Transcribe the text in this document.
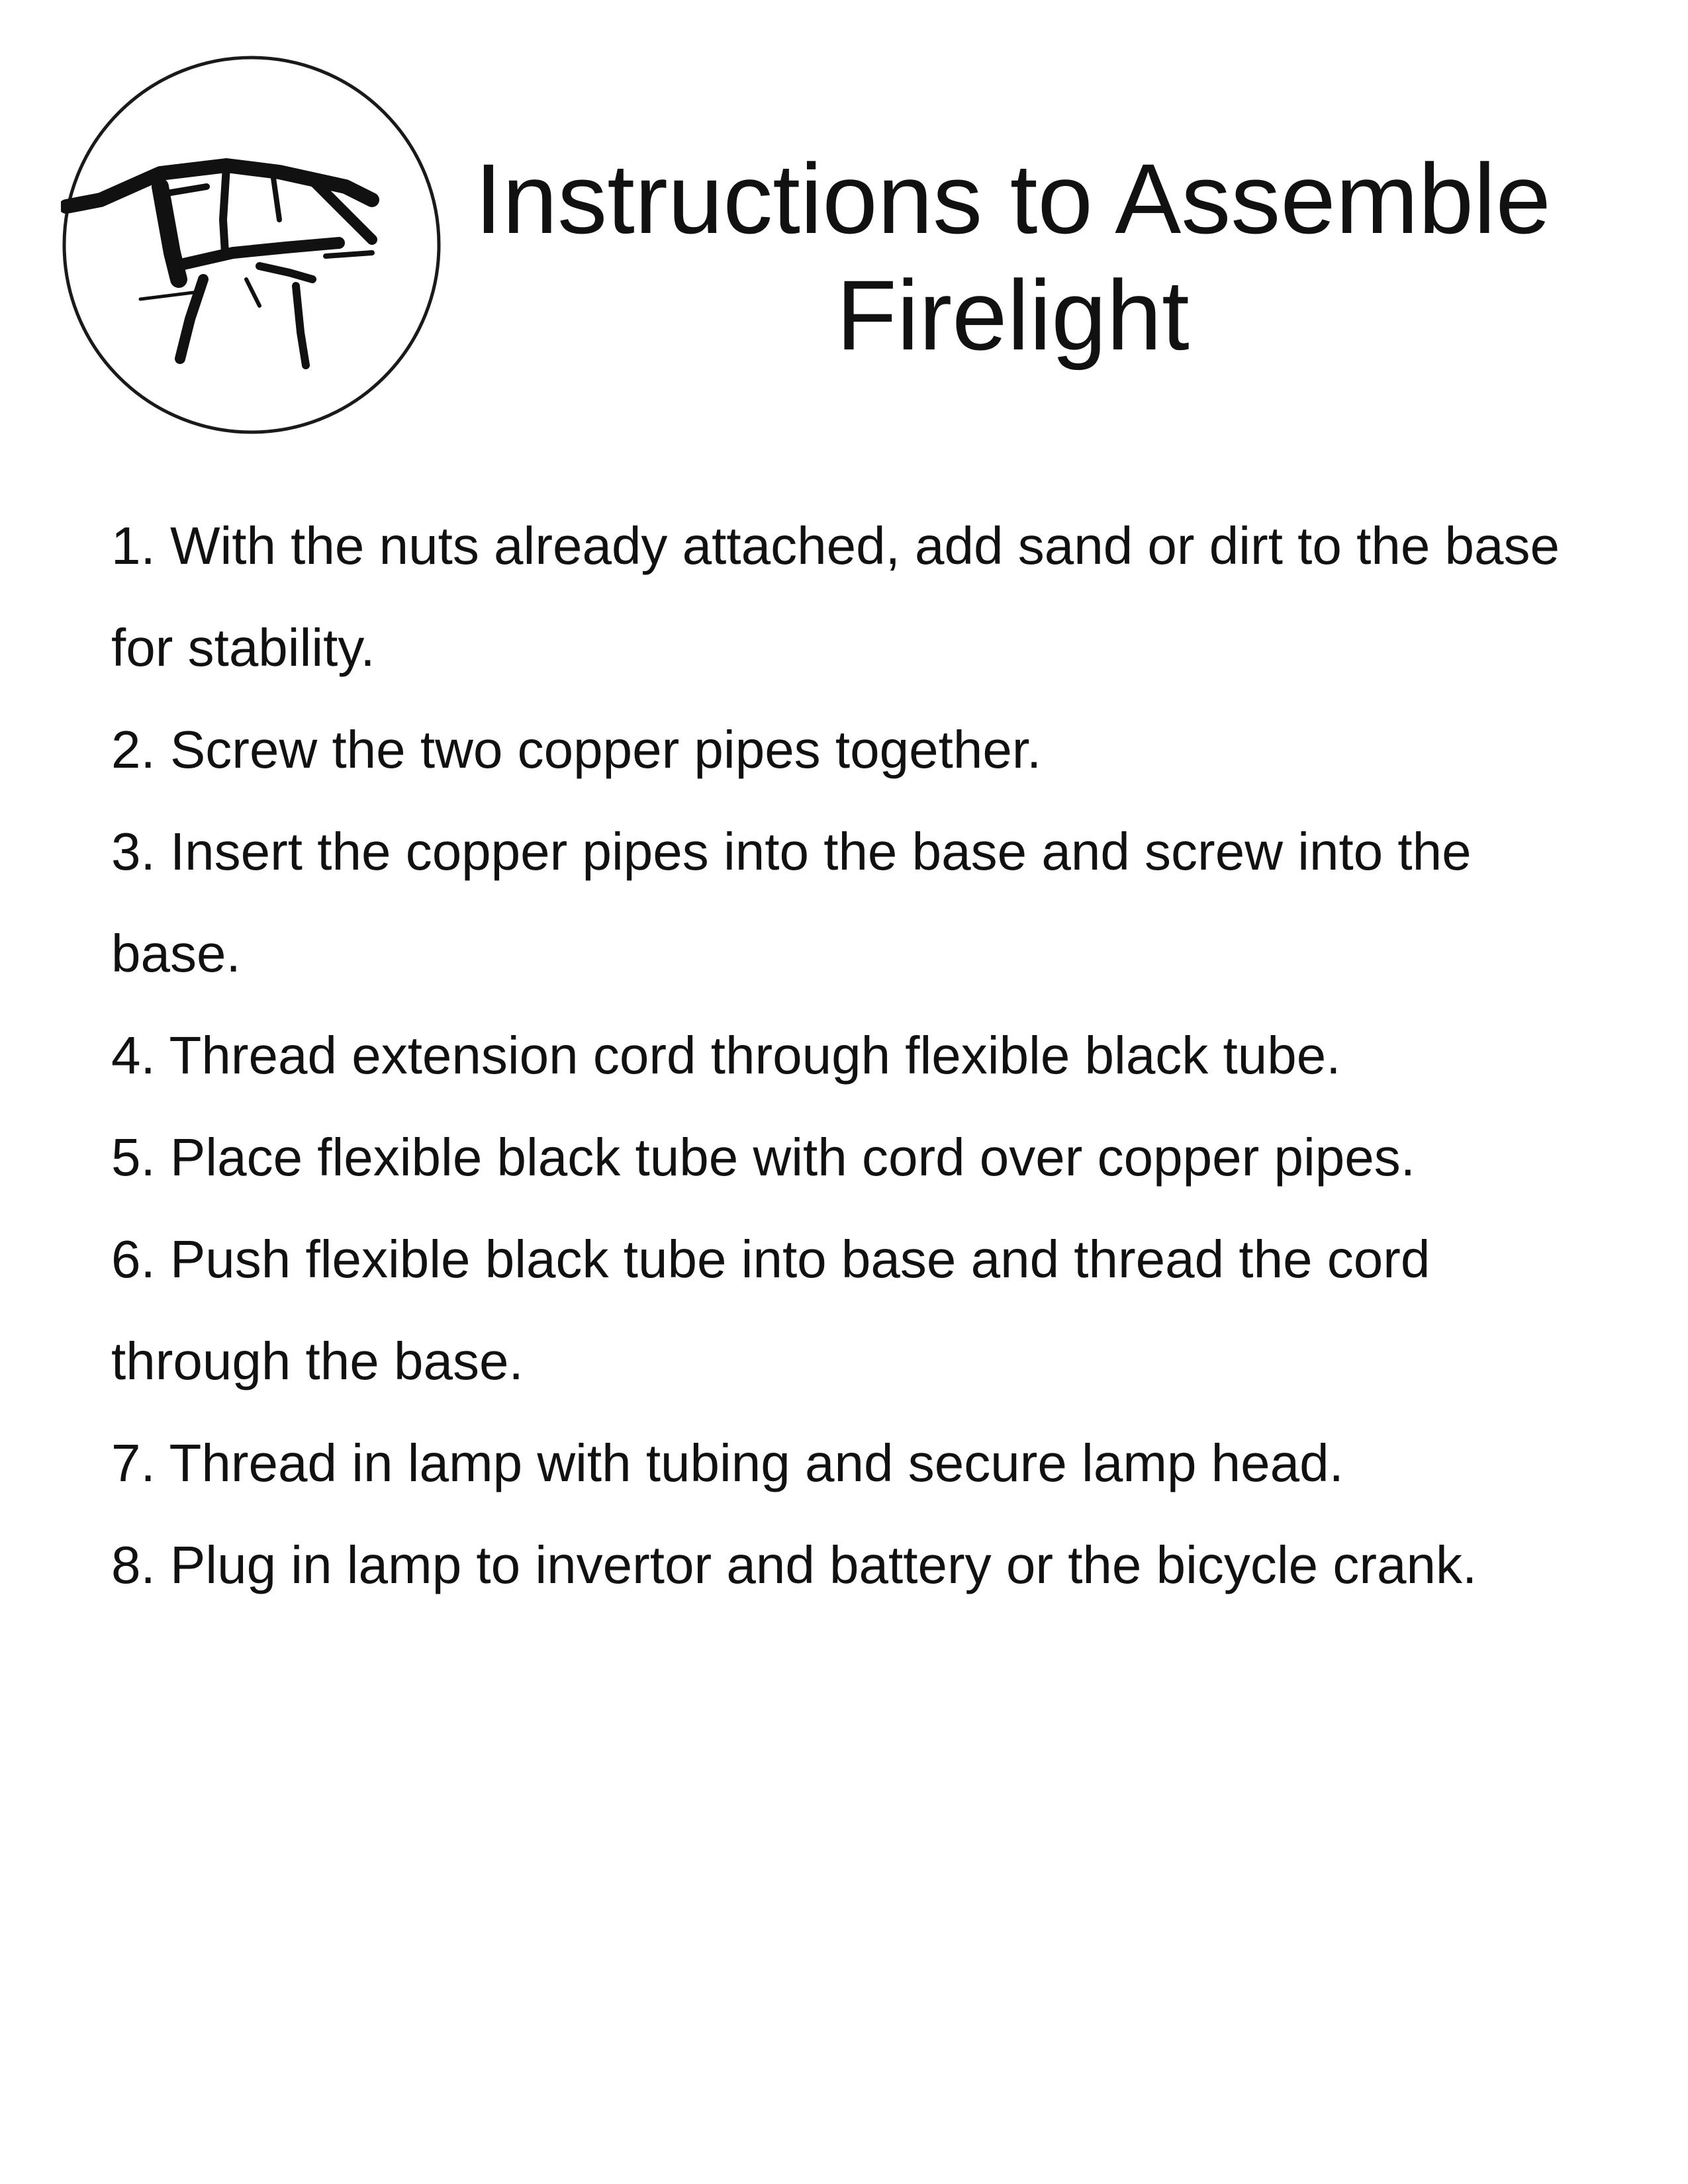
Instructions to Assemble
Firelight
1. With the nuts already attached, add sand or dirt to the base for stability.
2. Screw the two copper pipes together.
3. Insert the copper pipes into the base and screw into the base.
4. Thread extension cord through flexible black tube.
5. Place flexible black tube with cord over copper pipes.
6. Push flexible black tube into base and thread the cord through the base.
7. Thread in lamp with tubing and secure lamp head.
8. Plug in lamp to invertor and battery or the bicycle crank.
